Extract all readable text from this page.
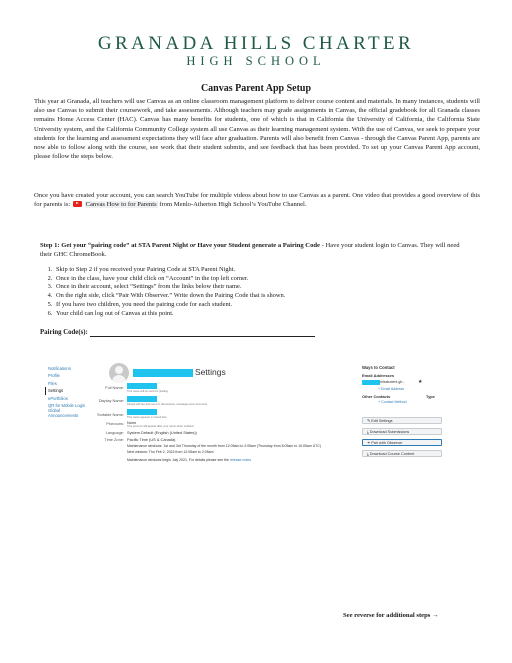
GRANADA HILLS CHARTER
HIGH SCHOOL
Canvas Parent App Setup

This year at Granada, all teachers will use Canvas as an online classroom management platform to deliver course content and materials. In many instances, students will also use Canvas to submit their coursework, and take assessments. Although teachers may grade assignments in Canvas, the official gradebook for all Granada classes remains Home Access Center (HAC). Canvas has many benefits for students, one of which is that in California the University of California, the California State University system, and the California Community College system all use Canvas as their learning management system. With the use of Canvas, we seek to prepare your students for the learning and assessment expectations they will face after graduation. Parents will also benefit from Canvas - through the Canvas Parent App, parents are now able to follow along with the course, see work that their student submits, and see feedback that has been provided. To set up your Canvas Parent App account, please follow the steps below.

Once you have created your account, you can search YouTube for multiple videos about how to use Canvas as a parent. One video that provides a good overview of this for parents is: Canvas How to for Parents from Menlo-Atherton High School’s YouTube Channel.

Step 1: Get your “pairing code” at STA Parent Night or Have your Student generate a Pairing Code - Have your student login to Canvas. They will need their GHC ChromeBook.
1. Skip to Step 2 if you received your Pairing Code at STA Parent Night.
2. Once in the class, have your child click on “Account” in the top left corner.
3. Once in their account, select “Settings” from the links below their name.
4. On the right side, click “Pair With Observer.” Write down the Pairing Code that is shown.
5. If you have two children, you need the pairing code for each student.
6. Your child can log out of Canvas at this point.
Pairing Code(s):
Notifications
Profile
Files
Settings
ePortfolios
QR for Mobile Login
Global Announcements
Settings
Full Name:
This name will be used for grading.
Display Name:
People will see this name in discussions, messages and comments.
Sortable Name:
This name appears in sorted lists.
Pronouns: None
This pronoun will appear after your name when enabled
Language: System Default (English (United States))
Time Zone: Pacific Time (US & Canada)
Maintenance windows: 1st and 3rd Thursday of the month from 12:05am to 2:05am (Thursday from 8:05am to 10:05am UTC)
Next window: Thu Feb 2, 2023 from 12:05am to 2:05am
Maintenance windows begin July 2021. For details please see the release notes
Ways to Contact
Email Addresses
mlsstudent.gh...	★
+ Email Address
Other Contacts	Type
+ Contact Method
✎ Edit Settings
⤓ Download Submissions
⚭ Pair with Observer
⤓ Download Course Content
See reverse for additional steps →
